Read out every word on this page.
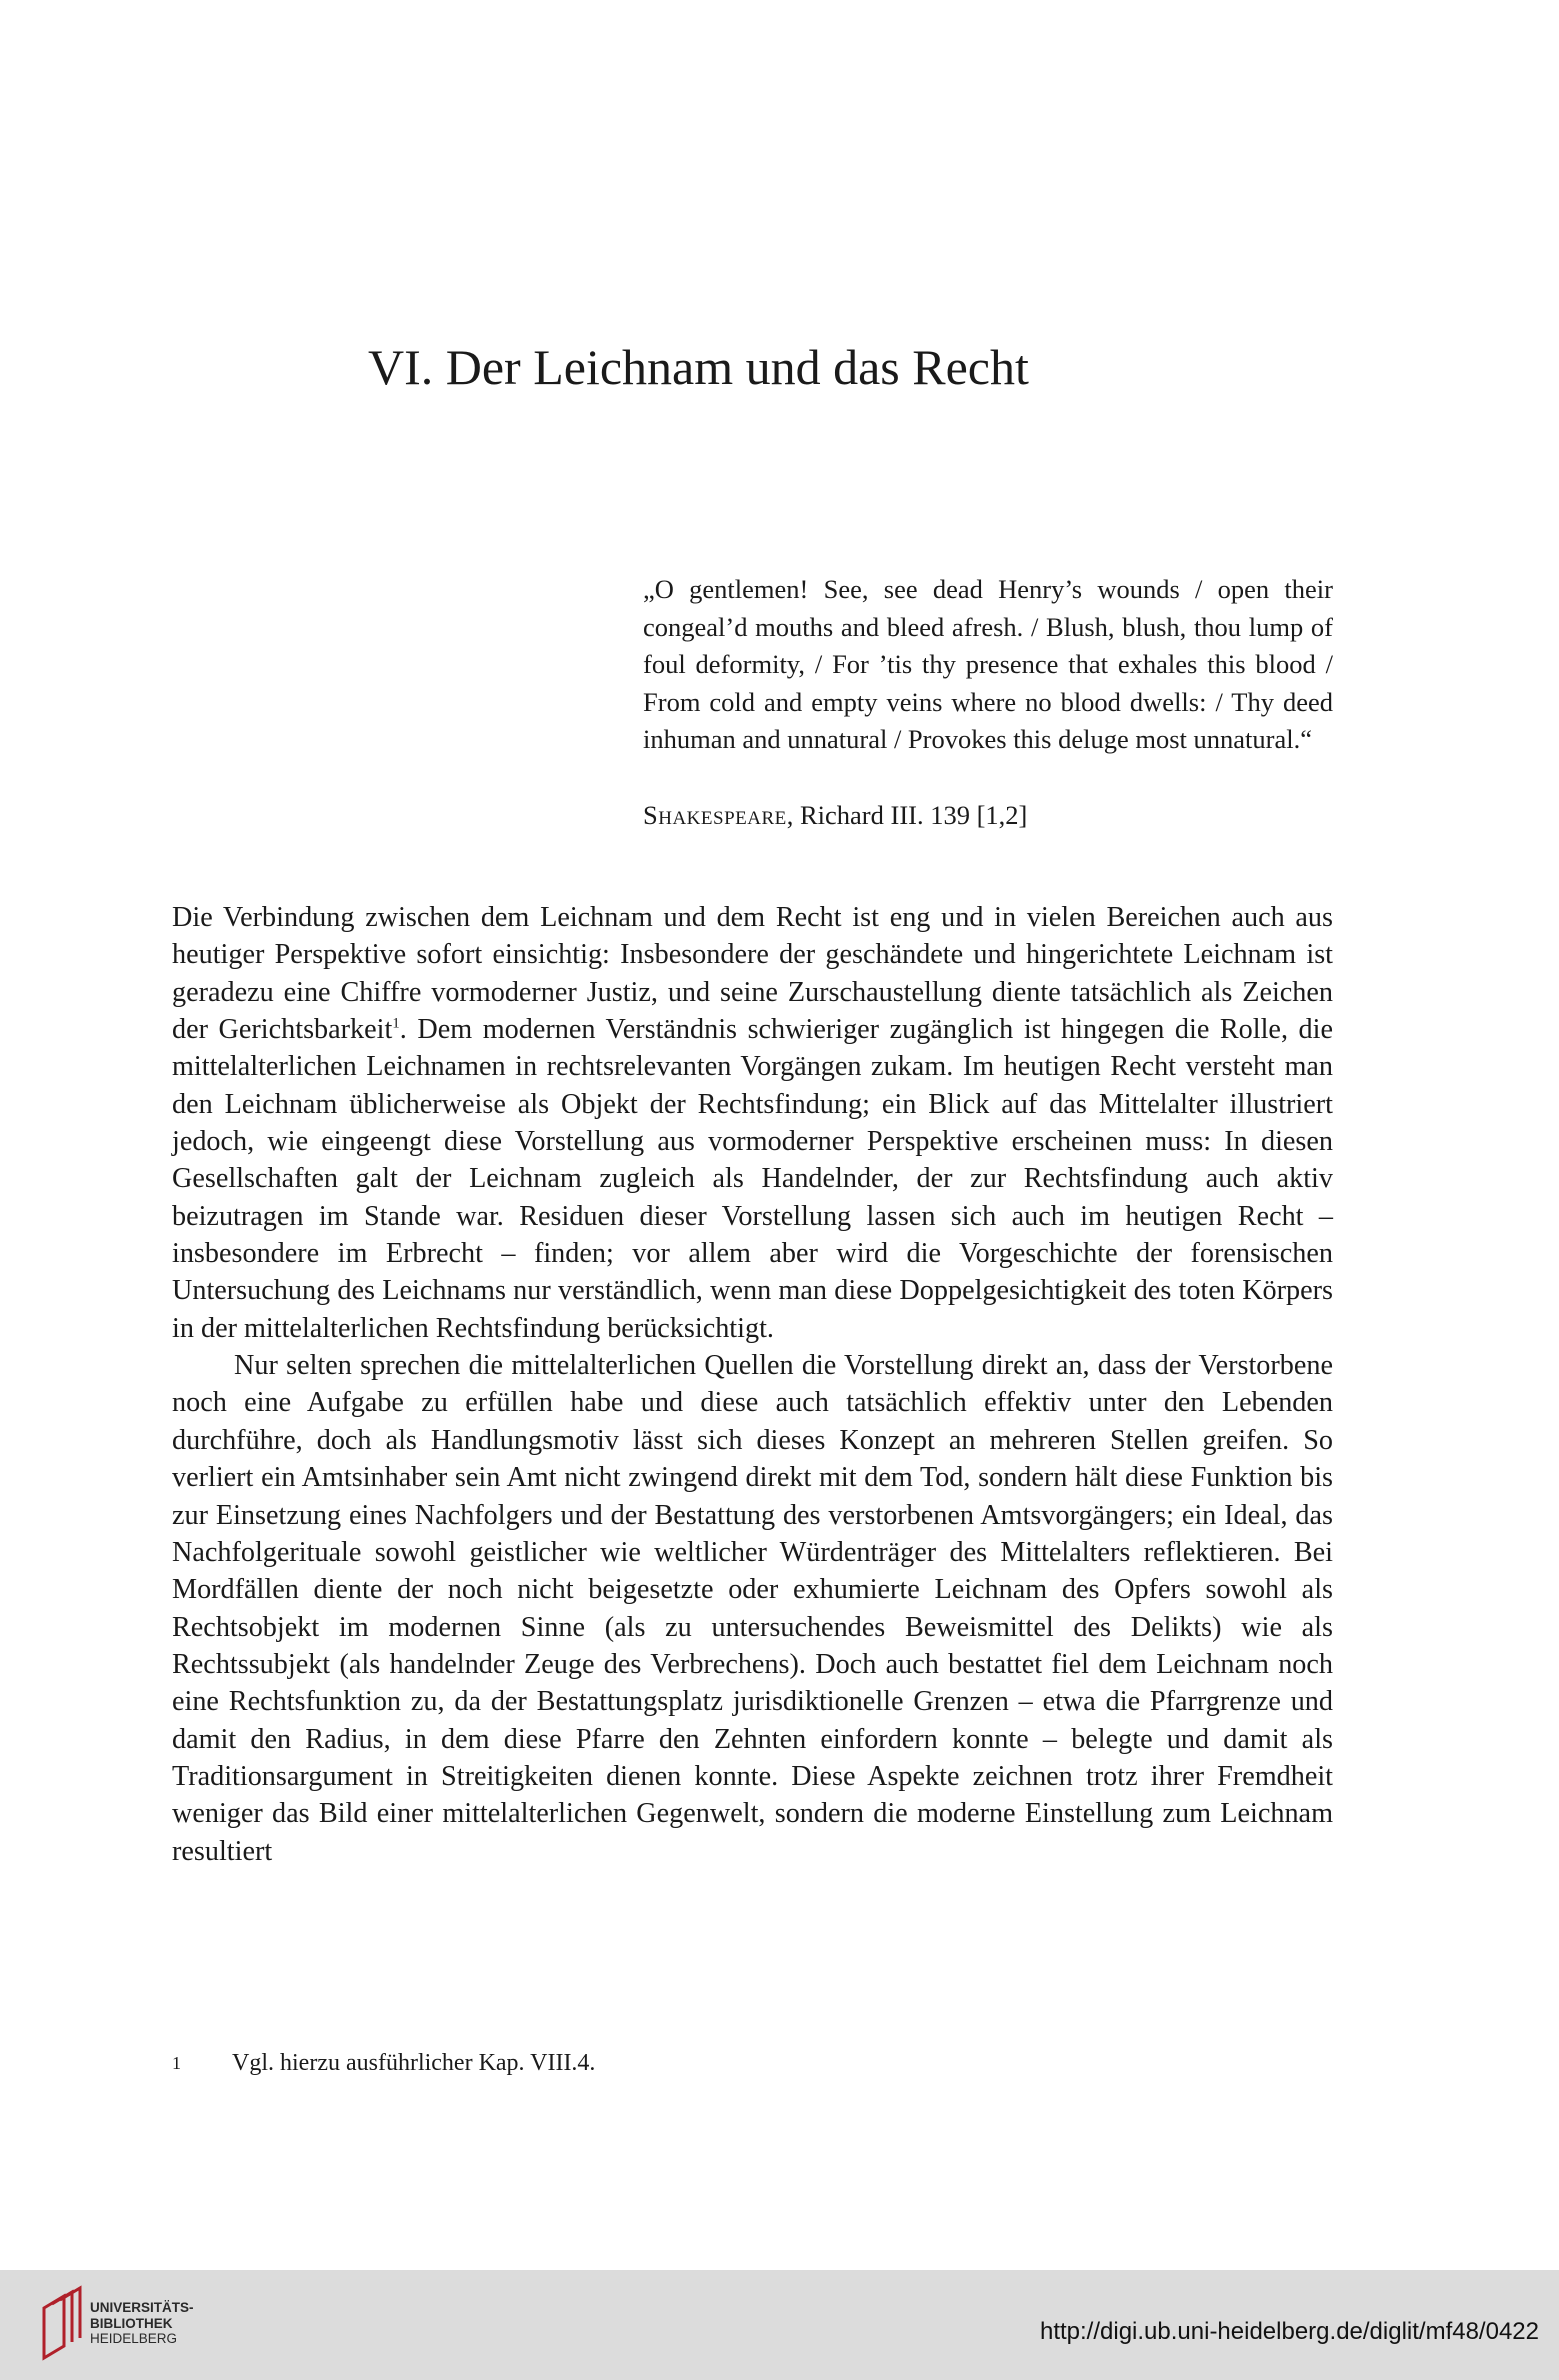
VI. Der Leichnam und das Recht

„O gentlemen! See, see dead Henry’s wounds / open their congeal’d mouths and bleed afresh. / Blush, blush, thou lump of foul deformity, / For ’tis thy presence that exhales this blood / From cold and empty veins where no blood dwells: / Thy deed inhuman and unnatural / Provokes this deluge most unnatural.“

Shakespeare, Richard III. 139 [1,2]

Die Verbindung zwischen dem Leichnam und dem Recht ist eng und in vielen Bereichen auch aus heutiger Perspektive sofort einsichtig: Insbesondere der geschändete und hingerichtete Leichnam ist geradezu eine Chiffre vormoderner Justiz, und seine Zurschaustellung diente tatsächlich als Zeichen der Gerichtsbarkeit$^1$. Dem modernen Verständnis schwieriger zugänglich ist hingegen die Rolle, die mittelalterlichen Leichnamen in rechtsrelevanten Vorgängen zukam. Im heutigen Recht versteht man den Leichnam üblicherweise als Objekt der Rechtsfindung; ein Blick auf das Mittelalter illustriert jedoch, wie eingeengt diese Vorstellung aus vormoderner Perspektive erscheinen muss: In diesen Gesellschaften galt der Leichnam zugleich als Handelnder, der zur Rechtsfindung auch aktiv beizutragen im Stande war. Residuen dieser Vorstellung lassen sich auch im heutigen Recht – insbesondere im Erbrecht – finden; vor allem aber wird die Vorgeschichte der forensischen Untersuchung des Leichnams nur verständlich, wenn man diese Doppelgesichtigkeit des toten Körpers in der mittelalterlichen Rechtsfindung berücksichtigt.

Nur selten sprechen die mittelalterlichen Quellen die Vorstellung direkt an, dass der Verstorbene noch eine Aufgabe zu erfüllen habe und diese auch tatsächlich effektiv unter den Lebenden durchführe, doch als Handlungsmotiv lässt sich dieses Konzept an mehreren Stellen greifen. So verliert ein Amtsinhaber sein Amt nicht zwingend direkt mit dem Tod, sondern hält diese Funktion bis zur Einsetzung eines Nachfolgers und der Bestattung des verstorbenen Amtsvorgängers; ein Ideal, das Nachfolgerituale sowohl geistlicher wie weltlicher Würdenträger des Mittelalters reflektieren. Bei Mordfällen diente der noch nicht beigesetzte oder exhumierte Leichnam des Opfers sowohl als Rechtsobjekt im modernen Sinne (als zu untersuchendes Beweismittel des Delikts) wie als Rechtssubjekt (als handelnder Zeuge des Verbrechens). Doch auch bestattet fiel dem Leichnam noch eine Rechtsfunktion zu, da der Bestattungsplatz jurisdiktionelle Grenzen – etwa die Pfarrgrenze und damit den Radius, in dem diese Pfarre den Zehnten einfordern konnte – belegte und damit als Traditionsargument in Streitigkeiten dienen konnte. Diese Aspekte zeichnen trotz ihrer Fremdheit weniger das Bild einer mittelalterlichen Gegenwelt, sondern die moderne Einstellung zum Leichnam resultiert

1 Vgl. hierzu ausführlicher Kap. VIII.4.
UNIVERSITÄTS-
BIBLIOTHEK
HEIDELBERG	http://digi.ub.uni-heidelberg.de/diglit/mf48/0422
